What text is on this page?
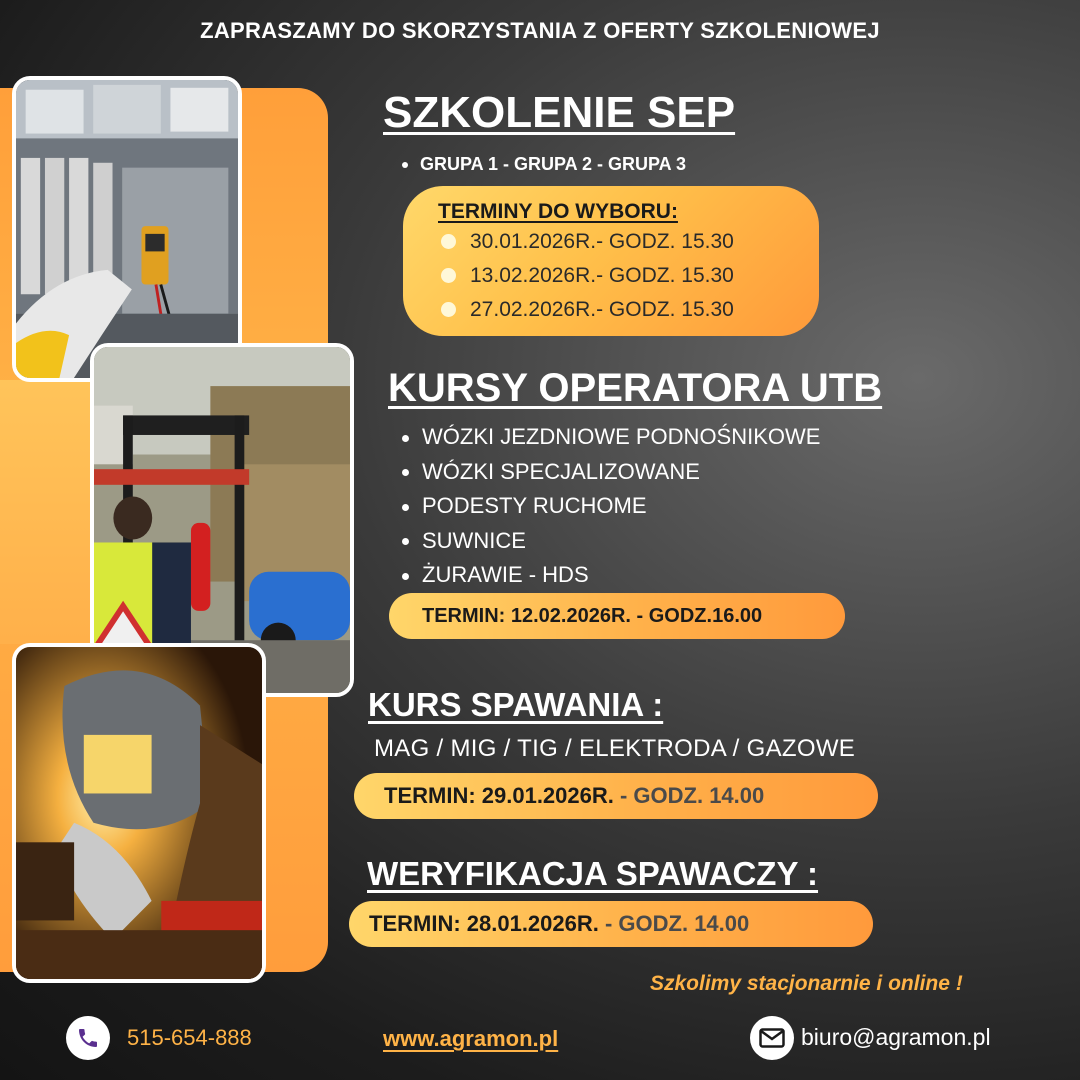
ZAPRASZAMY DO SKORZYSTANIA Z OFERTY SZKOLENIOWEJ
SZKOLENIE SEP
GRUPA 1 - GRUPA 2 - GRUPA 3
TERMINY DO WYBORU:
30.01.2026R.- GODZ. 15.30
13.02.2026R.- GODZ. 15.30
27.02.2026R.- GODZ. 15.30
KURSY OPERATORA UTB
WÓZKI JEZDNIOWE PODNOŚNIKOWE
WÓZKI SPECJALIZOWANE
PODESTY RUCHOME
SUWNICE
ŻURAWIE - HDS
TERMIN: 12.02.2026R. - GODZ.16.00
KURS SPAWANIA :
MAG / MIG / TIG / ELEKTRODA / GAZOWE
TERMIN: 29.01.2026R. - GODZ. 14.00
WERYFIKACJA SPAWACZY :
TERMIN: 28.01.2026R. - GODZ. 14.00
Szkolimy stacjonarnie i online !
515-654-888	www.agramon.pl	biuro@agramon.pl
